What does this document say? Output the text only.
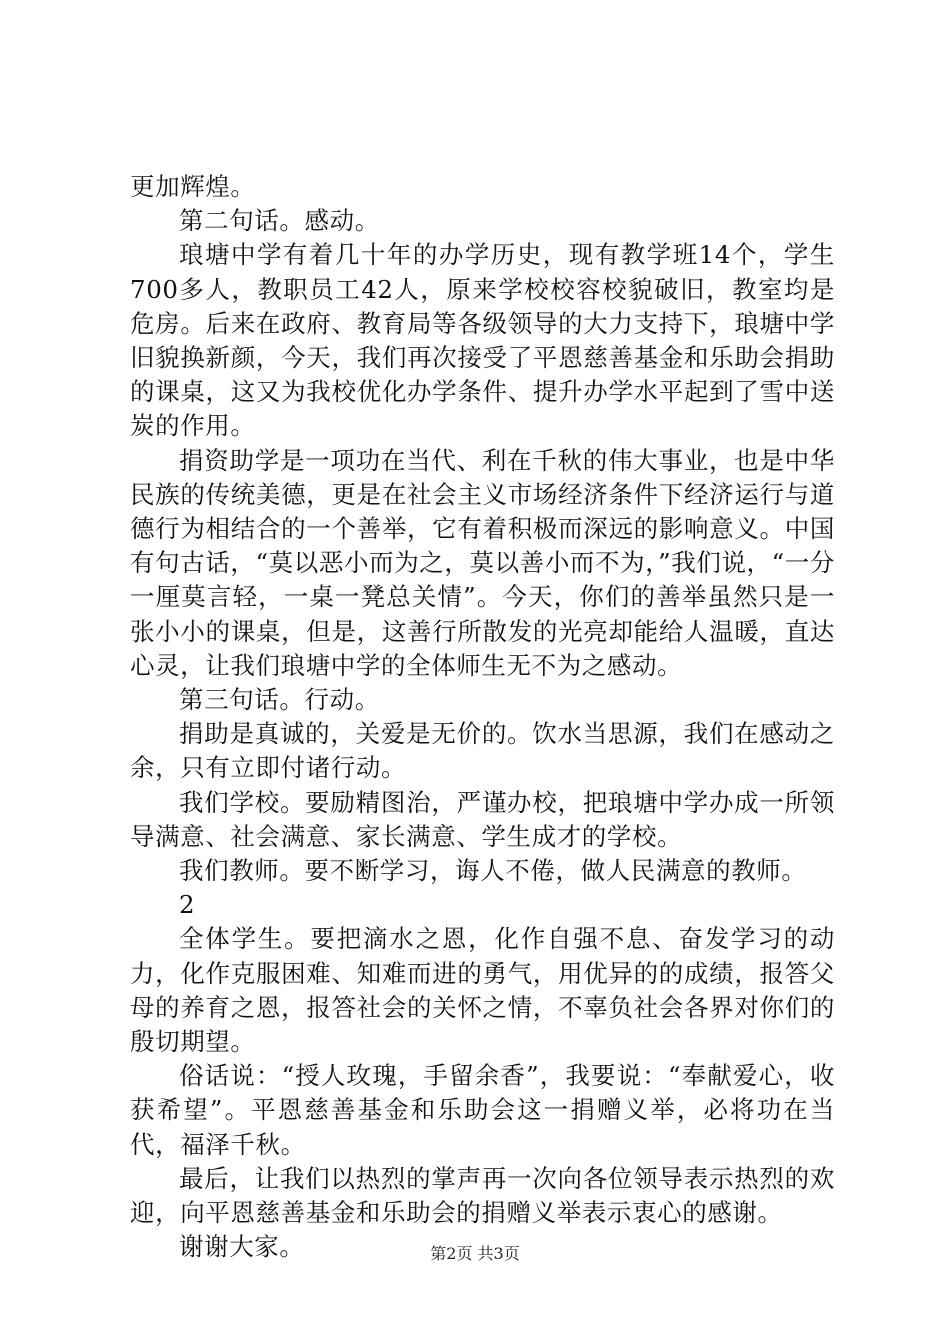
更加辉煌。

第二句话。感动。

琅塘中学有着几十年的办学历史，现有教学班14个，学生700多人，教职员工42人，原来学校校容校貌破旧，教室均是危房。后来在政府、教育局等各级领导的大力支持下，琅塘中学旧貌换新颜，今天，我们再次接受了平恩慈善基金和乐助会捐助的课桌，这又为我校优化办学条件、提升办学水平起到了雪中送炭的作用。

捐资助学是一项功在当代、利在千秋的伟大事业，也是中华民族的传统美德，更是在社会主义市场经济条件下经济运行与道德行为相结合的一个善举，它有着积极而深远的影响意义。中国有句古话，“莫以恶小而为之，莫以善小而不为，”我们说，“一分一厘莫言轻，一桌一凳总关情”。今天，你们的善举虽然只是一张小小的课桌，但是，这善行所散发的光亮却能给人温暖，直达心灵，让我们琅塘中学的全体师生无不为之感动。

第三句话。行动。

捐助是真诚的，关爱是无价的。饮水当思源，我们在感动之余，只有立即付诸行动。

我们学校。要励精图治，严谨办校，把琅塘中学办成一所领导满意、社会满意、家长满意、学生成才的学校。

我们教师。要不断学习，诲人不倦，做人民满意的教师。

2

全体学生。要把滴水之恩，化作自强不息、奋发学习的动力，化作克服困难、知难而进的勇气，用优异的的成绩，报答父母的养育之恩，报答社会的关怀之情，不辜负社会各界对你们的殷切期望。

俗话说：“授人玫瑰，手留余香”，我要说：“奉献爱心，收获希望”。平恩慈善基金和乐助会这一捐赠义举，必将功在当代，福泽千秋。

最后，让我们以热烈的掌声再一次向各位领导表示热烈的欢迎，向平恩慈善基金和乐助会的捐赠义举表示衷心的感谢。

谢谢大家。	第2页 共3页
